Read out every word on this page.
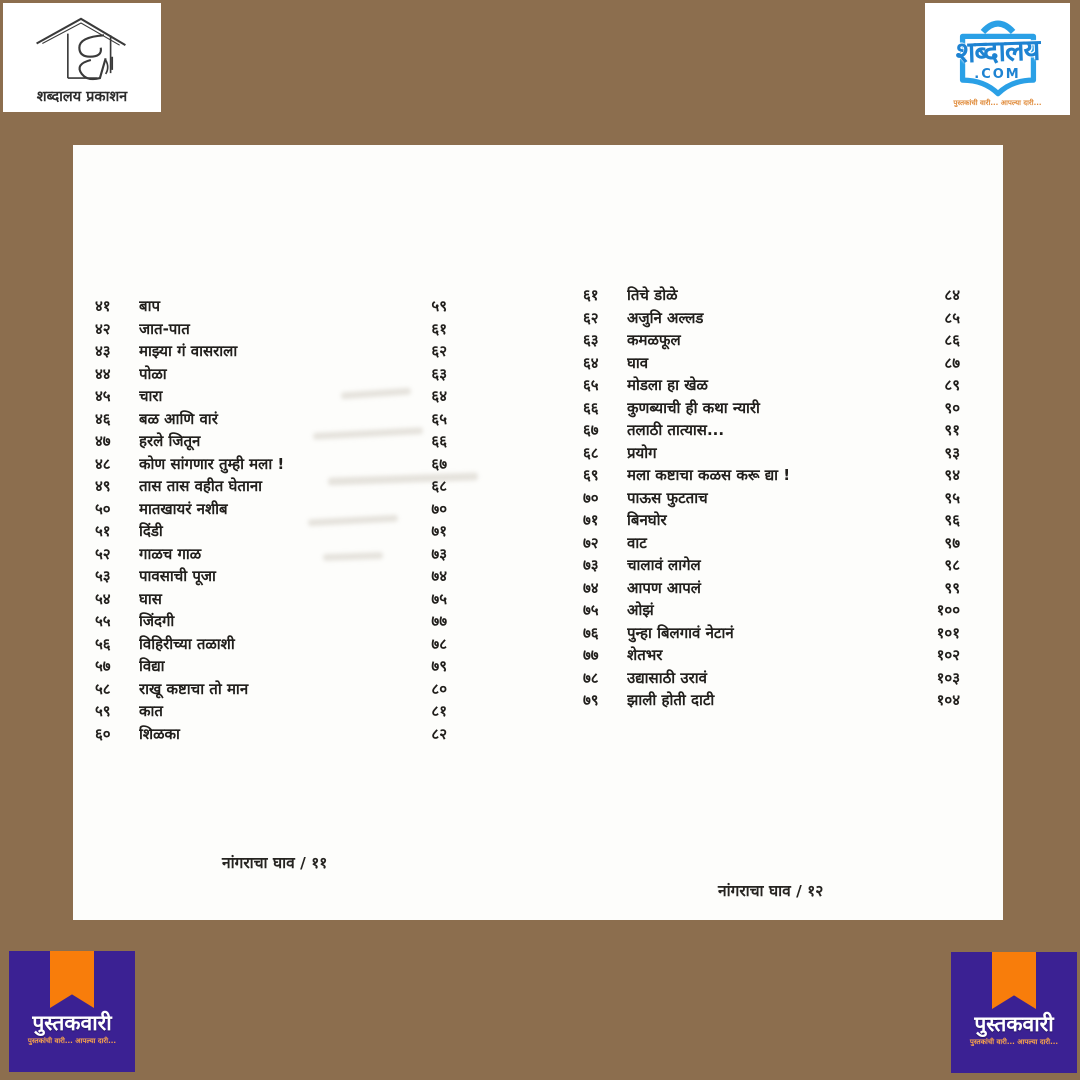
शब्दालय प्रकाशन
शब्दालय
.COM
पुस्तकांची वारी... आपल्या दारी...
४१	बाप	५९
४२	जात-पात	६१
४३	माझ्या गं वासराला	६२
४४	पोळा	६३
४५	चारा	६४
४६	बळ आणि वारं	६५
४७	हरले जितून	६६
४८	कोण सांगणार तुम्ही मला !	६७
४९	तास तास वहीत घेताना	६८
५०	मातखायरं नशीब	७०
५१	दिंडी	७१
५२	गाळच गाळ	७३
५३	पावसाची पूजा	७४
५४	घास	७५
५५	जिंदगी	७७
५६	विहिरीच्या तळाशी	७८
५७	विद्या	७९
५८	राखू कष्टाचा तो मान	८०
५९	कात	८१
६०	शिळका	८२
६१	तिचे डोळे	८४
६२	अजुनि अल्लड	८५
६३	कमळफूल	८६
६४	घाव	८७
६५	मोडला हा खेळ	८९
६६	कुणब्याची ही कथा न्यारी	९०
६७	तलाठी तात्यास...	९१
६८	प्रयोग	९३
६९	मला कष्टाचा कळस करू द्या !	९४
७०	पाऊस फुटताच	९५
७१	बिनघोर	९६
७२	वाट	९७
७३	चालावं लागेल	९८
७४	आपण आपलं	९९
७५	ओझं	१००
७६	पुन्हा बिलगावं नेटानं	१०१
७७	शेतभर	१०२
७८	उद्यासाठी उरावं	१०३
७९	झाली होती दाटी	१०४
नांगराचा घाव / ११
नांगराचा घाव / १२
पुस्तकवारी
पुस्तकांची वारी... आपल्या दारी...
पुस्तकवारी
पुस्तकांची वारी... आपल्या दारी...
